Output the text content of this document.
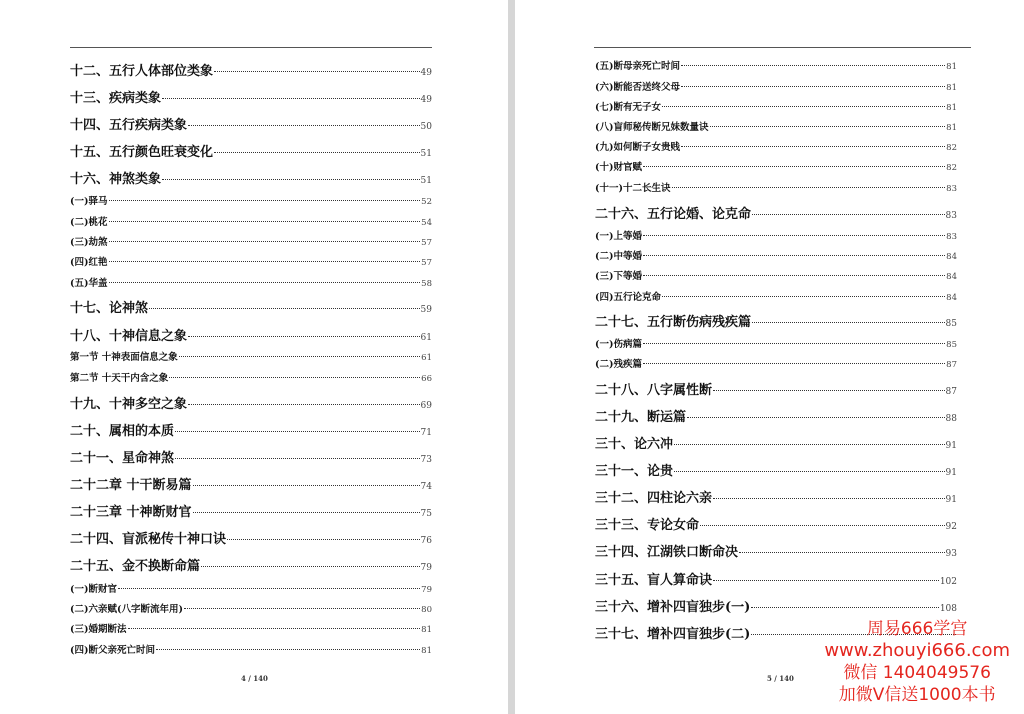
十二、五行人体部位类象	49
十三、疾病类象	49
十四、五行疾病类象	50
十五、五行颜色旺衰变化	51
十六、神煞类象	51
(一)驿马	52
(二)桃花	54
(三)劫煞	57
(四)红艳	57
(五)华盖	58
十七、论神煞	59
十八、十神信息之象	61
第一节 十神表面信息之象	61
第二节 十天干内含之象	66
十九、十神多空之象	69
二十、属相的本质	71
二十一、星命神煞	73
二十二章 十干断易篇	74
二十三章 十神断财官	75
二十四、盲派秘传十神口诀	76
二十五、金不换断命篇	79
(一)断财官	79
(二)六亲赋(八字断流年用)	80
(三)婚期断法	81
(四)断父亲死亡时间	81
4 / 140
(五)断母亲死亡时间	81
(六)断能否送终父母	81
(七)断有无子女	81
(八)盲师秘传断兄妹数量诀	81
(九)如何断子女贵贱	82
(十)财官赋	82
(十一)十二长生诀	83
二十六、五行论婚、论克命	83
(一)上等婚	83
(二)中等婚	84
(三)下等婚	84
(四)五行论克命	84
二十七、五行断伤病残疾篇	85
(一)伤病篇	85
(二)残疾篇	87
二十八、八字属性断	87
二十九、断运篇	88
三十、论六冲	91
三十一、论贵	91
三十二、四柱论六亲	91
三十三、专论女命	92
三十四、江湖铁口断命决	93
三十五、盲人算命诀	102
三十六、增补四盲独步(一)	108
三十七、增补四盲独步(二)
5 / 140
周易666学宫
www.zhouyi666.com
微信 1404049576
加微V信送1000本书
